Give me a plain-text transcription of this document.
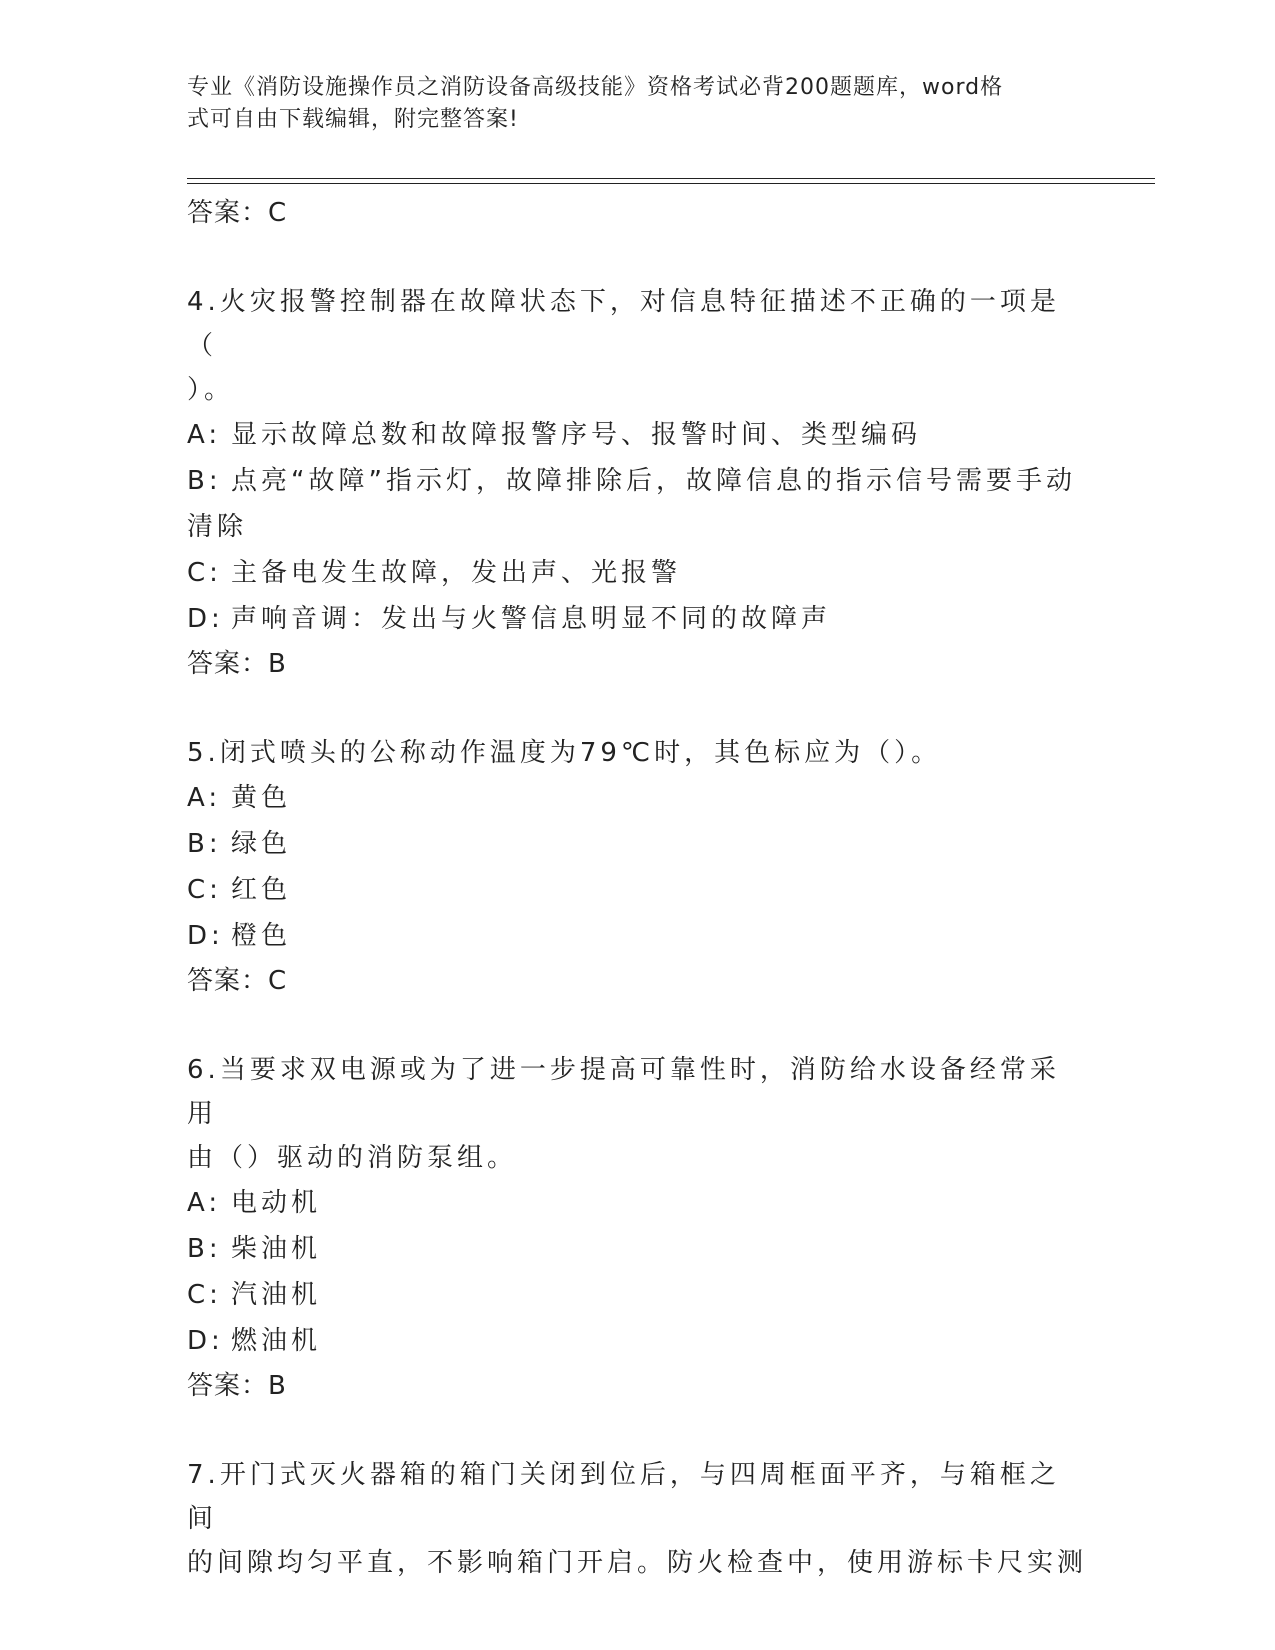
专业《消防设施操作员之消防设备高级技能》资格考试必背200题题库，word格
式可自由下载编辑，附完整答案!
答案：C
4.火灾报警控制器在故障状态下，对信息特征描述不正确的一项是（
）。
A: 显示故障总数和故障报警序号、报警时间、类型编码
B: 点亮“故障”指示灯，故障排除后，故障信息的指示信号需要手动
清除
C: 主备电发生故障，发出声、光报警
D: 声响音调：发出与火警信息明显不同的故障声
答案：B
5.闭式喷头的公称动作温度为79℃时，其色标应为（）。
A: 黄色
B: 绿色
C: 红色
D: 橙色
答案：C
6.当要求双电源或为了进一步提高可靠性时，消防给水设备经常采用
由（）驱动的消防泵组。
A: 电动机
B: 柴油机
C: 汽油机
D: 燃油机
答案：B
7.开门式灭火器箱的箱门关闭到位后，与四周框面平齐，与箱框之间
的间隙均匀平直，不影响箱门开启。防火检查中，使用游标卡尺实测
